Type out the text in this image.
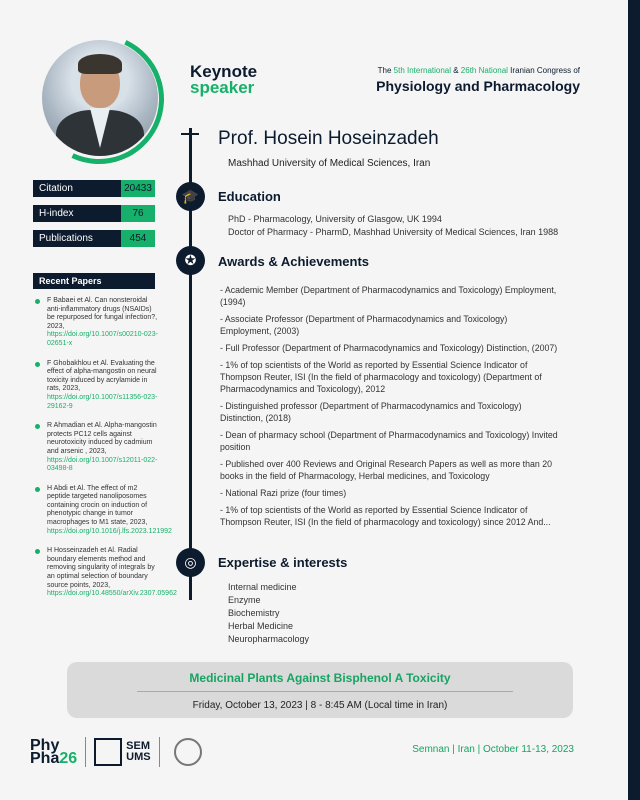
Citation	20433
H-index	76
Publications	454
Recent Papers
F Babaei et Al. Can nonsteroidal anti-inflammatory drugs (NSAIDs) be repurposed for fungal infection?, 2023, https://doi.org/10.1007/s00210-023-02651-x
F Ghobakhlou et Al. Evaluating the effect of alpha-mangostin on neural toxicity induced by acrylamide in rats, 2023, https://doi.org/10.1007/s11356-023-29162-9
R Ahmadian et Al. Alpha-mangostin protects PC12 cells against neurotoxicity induced by cadmium and arsenic , 2023, https://doi.org/10.1007/s12011-022-03498-8
H Abdi et Al. The effect of m2 peptide targeted nanoliposomes containing crocin on induction of phenotypic change in tumor macrophages to M1 state, 2023, https://doi.org/10.1016/j.lfs.2023.121992
H Hosseinzadeh et Al. Radial boundary elements method and removing singularity of integrals by an optimal selection of boundary source points, 2023, https://doi.org/10.48550/arXiv.2307.05962
Keynote
speaker
The 5th International & 26th National Iranian Congress of
Physiology and Pharmacology
Prof. Hosein Hoseinzadeh
Mashhad University of Medical Sciences, Iran
🎓	Education
PhD - Pharmacology, University of Glasgow, UK 1994
Doctor of Pharmacy - PharmD, Mashhad University of Medical Sciences, Iran 1988
✪	Awards & Achievements
- Academic Member (Department of Pharmacodynamics and Toxicology) Employment, (1994)
- Associate Professor (Department of Pharmacodynamics and Toxicology) Employment, (2003)
- Full Professor (Department of Pharmacodynamics and Toxicology) Distinction, (2007)
- 1% of top scientists of the World as reported by Essential Science Indicator of Thompson Reuter, ISI (In the field of pharmacology and toxicology) (Department of Pharmacodynamics and Toxicology), 2012
- Distinguished professor (Department of Pharmacodynamics and Toxicology) Distinction, (2018)
- Dean of pharmacy school (Department of Pharmacodynamics and Toxicology) Invited position
- Published over 400 Reviews and Original Research Papers as well as more than 20 books in the field of Pharmacology, Herbal medicines, and Toxicology
- National Razi prize (four times)
- 1% of top scientists of the World as reported by Essential Science Indicator of Thompson Reuter, ISI (In the field of pharmacology and toxicology) since 2012 And...
◎	Expertise & interests
Internal medicine
Enzyme
Biochemistry
Herbal Medicine
Neuropharmacology
Medicinal Plants Against Bisphenol A Toxicity
Friday, October 13, 2023 | 8 - 8:45 AM (Local time in Iran)
Phy
Pha26
SEM
UMS
Semnan | Iran | October 11-13, 2023
